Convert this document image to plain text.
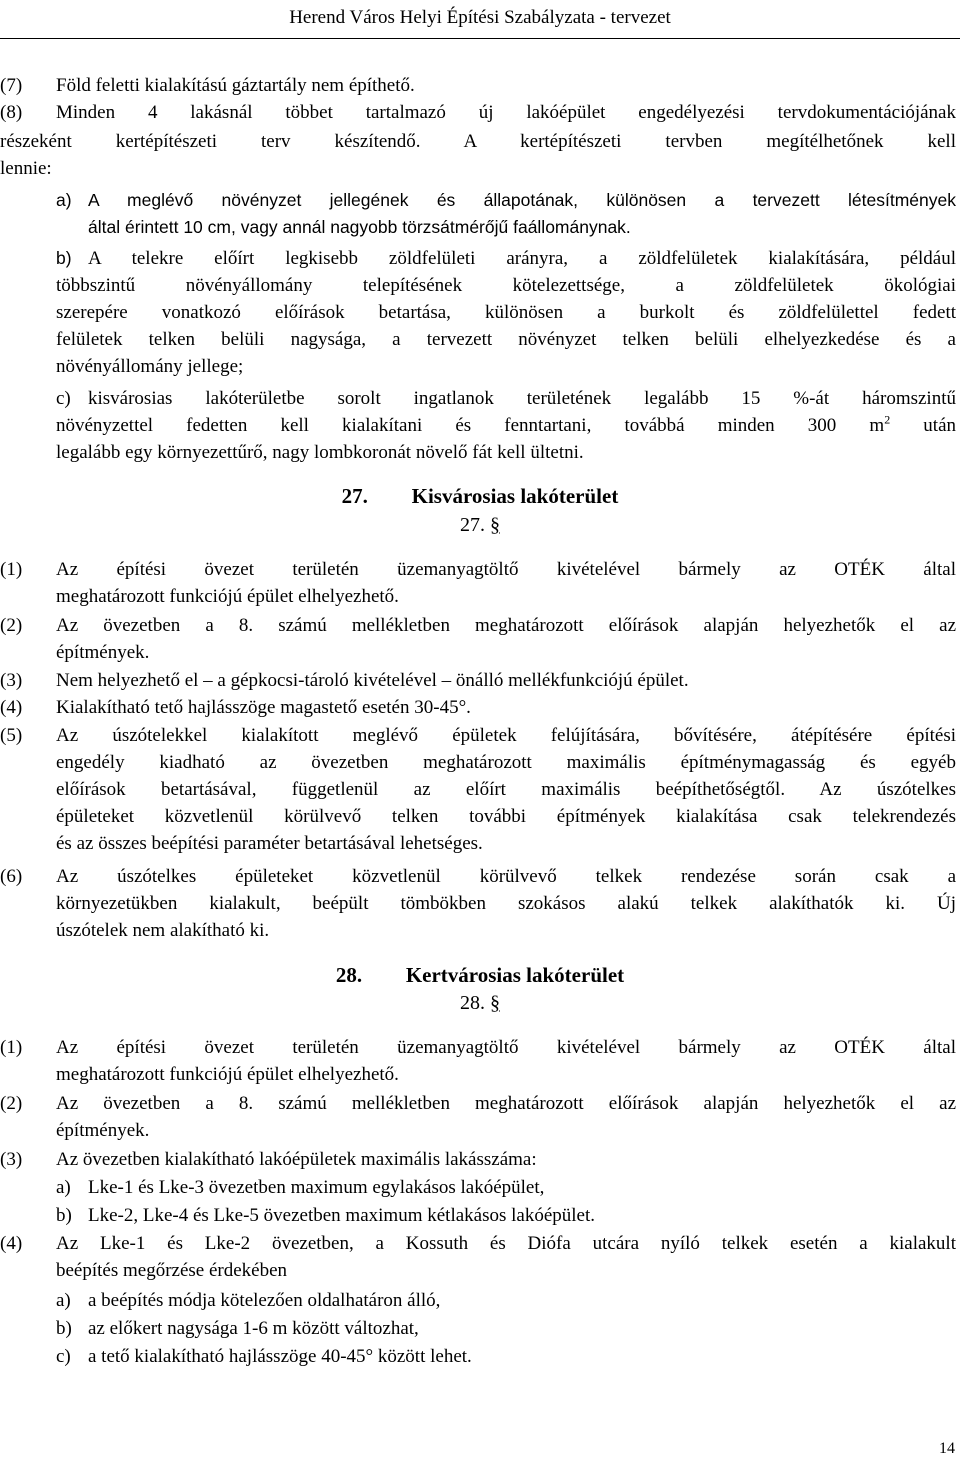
Herend Város Helyi Építési Szabályzata - tervezet
(7) Föld feletti kialakítású gáztartály nem építhető.
(8) Minden 4 lakásnál többet tartalmazó új lakóépület engedélyezési tervdokumentációjának
részeként kertépítészeti terv készítendő. A kertépítészeti tervben megítélhetőnek kell
lennie:
a) A meglévő növényzet jellegének és állapotának, különösen a tervezett létesítmények
által érintett 10 cm, vagy annál nagyobb törzsátmérőjű faállománynak.
b) A telekre előírt legkisebb zöldfelületi arányra, a zöldfelületek kialakítására, például
többszintű növényállomány telepítésének kötelezettsége, a zöldfelületek ökológiai
szerepére vonatkozó előírások betartása, különösen a burkolt és zöldfelülettel fedett
felületek telken belüli nagysága, a tervezett növényzet telken belüli elhelyezkedése és a
növényállomány jellege;
c) kisvárosias lakóterületbe sorolt ingatlanok területének legalább 15 %-át háromszintű
növényzettel fedetten kell kialakítani és fenntartani, továbbá minden 300 $m^2$ után
legalább egy környezettűrő, nagy lombkoronát növelő fát kell ültetni.
27. Kisvárosias lakóterület
27. §
(1) Az építési övezet területén üzemanyagtöltő kivételével bármely az OTÉK által
meghatározott funkciójú épület elhelyezhető.
(2) Az övezetben a 8. számú mellékletben meghatározott előírások alapján helyezhetők el az
építmények.
(3) Nem helyezhető el – a gépkocsi-tároló kivételével – önálló mellékfunkciójú épület.
(4) Kialakítható tető hajlásszöge magastető esetén 30-45°.
(5) Az úszótelekkel kialakított meglévő épületek felújítására, bővítésére, átépítésére építési
engedély kiadható az övezetben meghatározott maximális építménymagasság és egyéb
előírások betartásával, függetlenül az előírt maximális beépíthetőségtől. Az úszótelkes
épületeket közvetlenül körülvevő telken további építmények kialakítása csak telekrendezés
és az összes beépítési paraméter betartásával lehetséges.
(6) Az úszótelkes épületeket közvetlenül körülvevő telkek rendezése során csak a
környezetükben kialakult, beépült tömbökben szokásos alakú telkek alakíthatók ki. Új
úszótelek nem alakítható ki.
28. Kertvárosias lakóterület
28. §
(1) Az építési övezet területén üzemanyagtöltő kivételével bármely az OTÉK által
meghatározott funkciójú épület elhelyezhető.
(2) Az övezetben a 8. számú mellékletben meghatározott előírások alapján helyezhetők el az
építmények.
(3) Az övezetben kialakítható lakóépületek maximális lakásszáma:
a) Lke-1 és Lke-3 övezetben maximum egylakásos lakóépület,
b) Lke-2, Lke-4 és Lke-5 övezetben maximum kétlakásos lakóépület.
(4) Az Lke-1 és Lke-2 övezetben, a Kossuth és Diófa utcára nyíló telkek esetén a kialakult
beépítés megőrzése érdekében
a) a beépítés módja kötelezően oldalhatáron álló,
b) az előkert nagysága 1-6 m között változhat,
c) a tető kialakítható hajlásszöge 40-45° között lehet.
14
